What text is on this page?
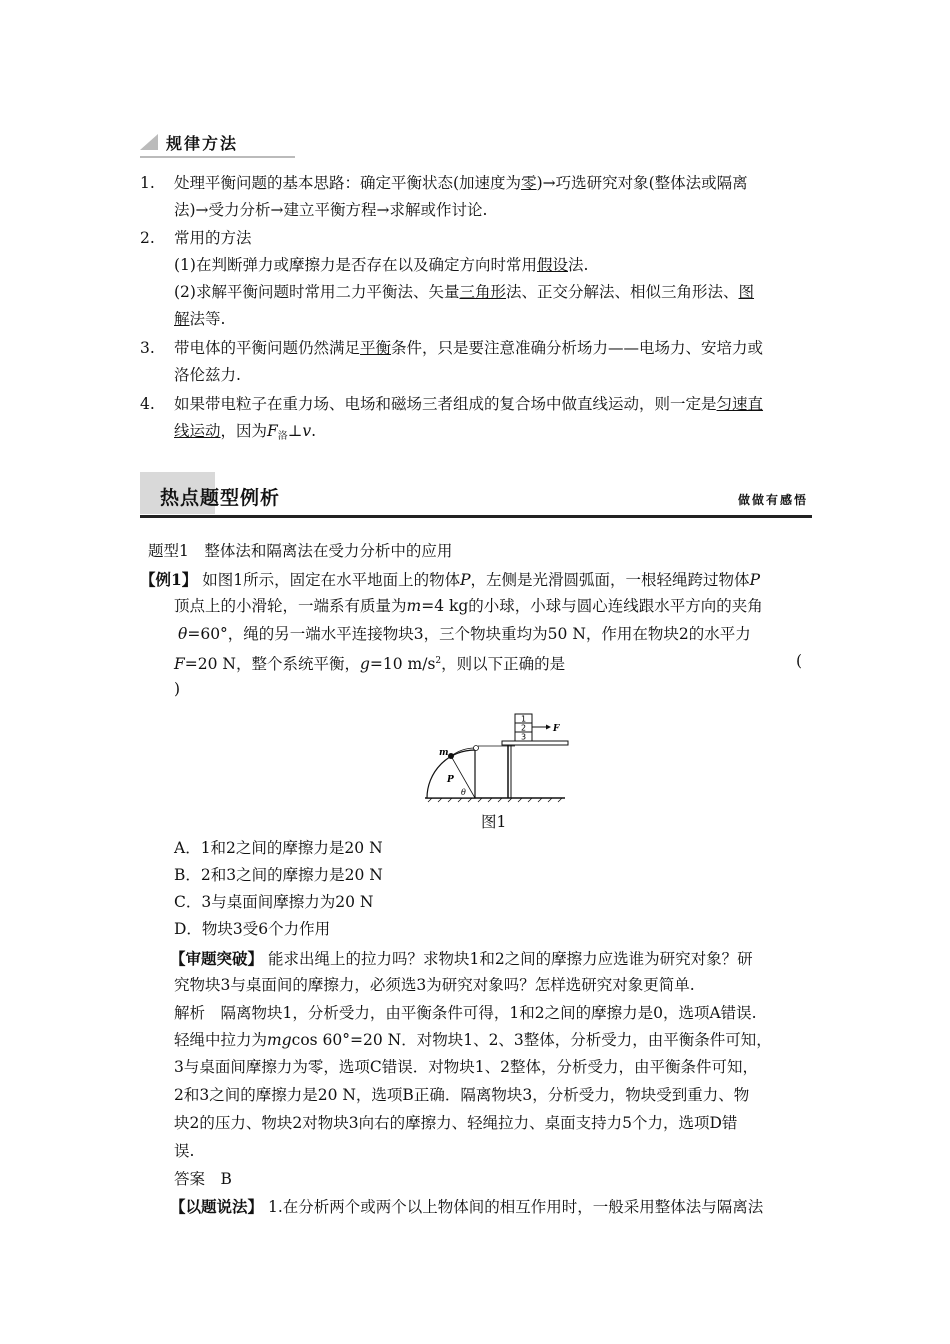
规律方法
1. 处理平衡问题的基本思路：确定平衡状态(加速度为零)→巧选研究对象(整体法或隔离
法)→受力分析→建立平衡方程→求解或作讨论.
2. 常用的方法
(1)在判断弹力或摩擦力是否存在以及确定方向时常用假设法.
(2)求解平衡问题时常用二力平衡法、矢量三角形法、正交分解法、相似三角形法、图
解法等.
3. 带电体的平衡问题仍然满足平衡条件，只是要注意准确分析场力——电场力、安培力或
洛伦兹力.
4. 如果带电粒子在重力场、电场和磁场三者组成的复合场中做直线运动，则一定是匀速直
线运动，因为$F_洛\perp v$.
热点题型例析	做做有感悟
题型1　整体法和隔离法在受力分析中的应用
【例1】 如图1所示，固定在水平地面上的物体P，左侧是光滑圆弧面，一根轻绳跨过物体P
顶点上的小滑轮，一端系有质量为m=4 kg的小球，小球与圆心连线跟水平方向的夹角
θ=60°，绳的另一端水平连接物块3，三个物块重均为50 N，作用在物块2的水平力
F=20 N，整个系统平衡，g=10 $m/s^2$，则以下正确的是	(
)
1
2
3
F
m
P
θ
图1
A．1和2之间的摩擦力是20 N
B．2和3之间的摩擦力是20 N
C．3与桌面间摩擦力为20 N
D．物块3受6个力作用
【审题突破】 能求出绳上的拉力吗？求物块1和2之间的摩擦力应选谁为研究对象？研
究物块3与桌面间的摩擦力，必须选3为研究对象吗？怎样选研究对象更简单.
解析　隔离物块1，分析受力，由平衡条件可得，1和2之间的摩擦力是0，选项A错误.
轻绳中拉力为mgcos 60°=20 N．对物块1、2、3整体，分析受力，由平衡条件可知，
3与桌面间摩擦力为零，选项C错误．对物块1、2整体，分析受力，由平衡条件可知，
2和3之间的摩擦力是20 N，选项B正确．隔离物块3，分析受力，物块受到重力、物
块2的压力、物块2对物块3向右的摩擦力、轻绳拉力、桌面支持力5个力，选项D错
误.
答案　B
【以题说法】 1.在分析两个或两个以上物体间的相互作用时，一般采用整体法与隔离法
